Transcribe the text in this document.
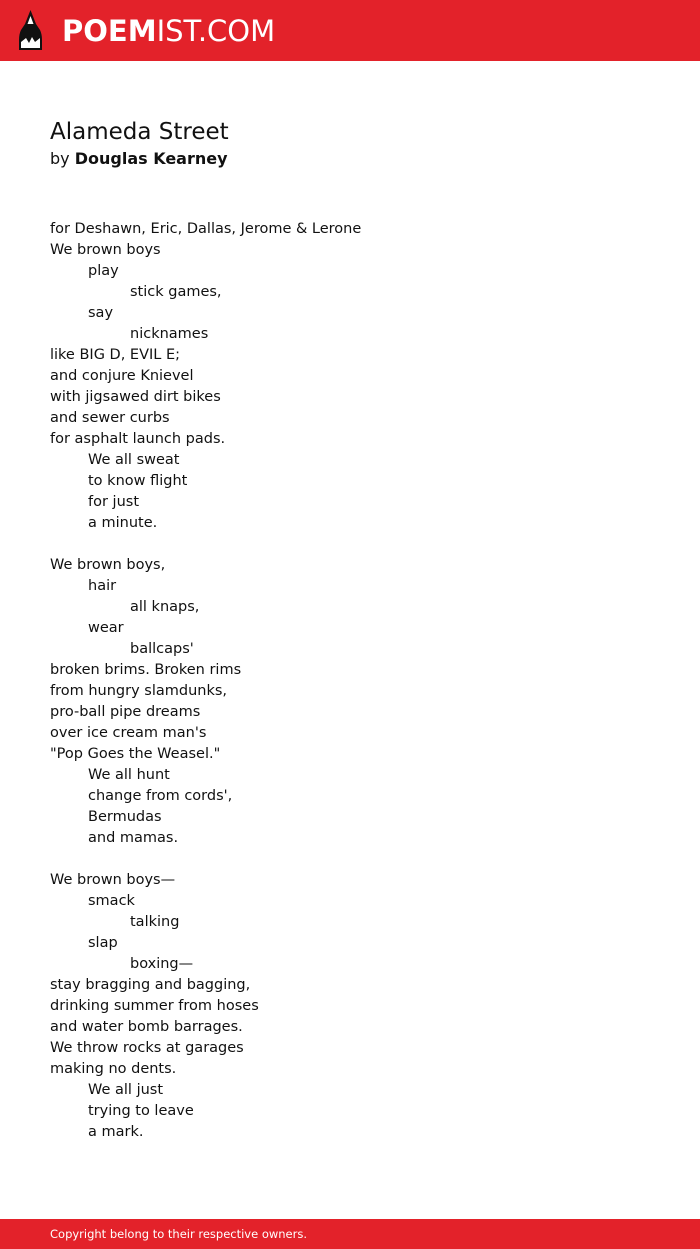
POEMIST.COM
Alameda Street
by Douglas Kearney
for Deshawn, Eric, Dallas, Jerome & Lerone
We brown boys
play
stick games,
say
nicknames
like BIG D, EVIL E;
and conjure Knievel
with jigsawed dirt bikes
and sewer curbs
for asphalt launch pads.
We all sweat
to know flight
for just
a minute.
We brown boys,
hair
all knaps,
wear
ballcaps'
broken brims. Broken rims
from hungry slamdunks,
pro-ball pipe dreams
over ice cream man's
"Pop Goes the Weasel."
We all hunt
change from cords',
Bermudas
and mamas.
We brown boys—
smack
talking
slap
boxing—
stay bragging and bagging,
drinking summer from hoses
and water bomb barrages.
We throw rocks at garages
making no dents.
We all just
trying to leave
a mark.
Copyright belong to their respective owners.
